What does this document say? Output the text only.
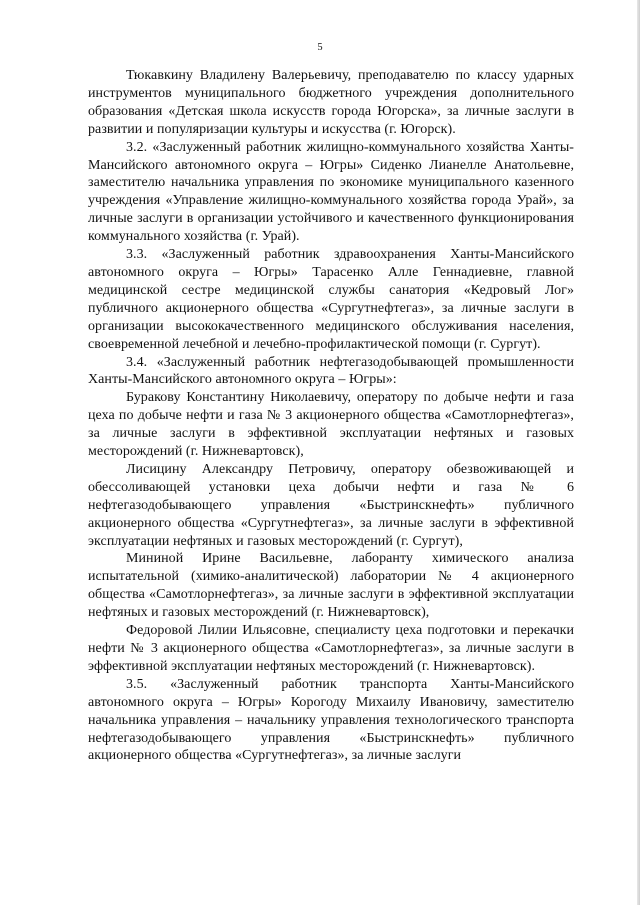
5

Тюкавкину Владилену Валерьевичу, преподавателю по классу ударных инструментов муниципального бюджетного учреждения дополнительного образования «Детская школа искусств города Югорска», за личные заслуги в развитии и популяризации культуры и искусства (г. Югорск).

3.2. «Заслуженный работник жилищно-коммунального хозяйства Ханты-Мансийского автономного округа – Югры» Сиденко Лианелле Анатольевне, заместителю начальника управления по экономике муниципального казенного учреждения «Управление жилищно-коммунального хозяйства города Урай», за личные заслуги в организации устойчивого и качественного функционирования коммунального хозяйства (г. Урай).

3.3. «Заслуженный работник здравоохранения Ханты-Мансийского автономного округа – Югры» Тарасенко Алле Геннадиевне, главной медицинской сестре медицинской службы санатория «Кедровый Лог» публичного акционерного общества «Сургутнефтегаз», за личные заслуги в организации высококачественного медицинского обслуживания населения, своевременной лечебной и лечебно-профилактической помощи (г. Сургут).

3.4. «Заслуженный работник нефтегазодобывающей промышленности Ханты-Мансийского автономного округа – Югры»:

Буракову Константину Николаевичу, оператору по добыче нефти и газа цеха по добыче нефти и газа № 3 акционерного общества «Самотлорнефтегаз», за личные заслуги в эффективной эксплуатации нефтяных и газовых месторождений (г. Нижневартовск),

Лисицину Александру Петровичу, оператору обезвоживающей и обессоливающей установки цеха добычи нефти и газа № 6 нефтегазодобывающего управления «Быстринскнефть» публичного акционерного общества «Сургутнефтегаз», за личные заслуги в эффективной эксплуатации нефтяных и газовых месторождений (г. Сургут),

Мининой Ирине Васильевне, лаборанту химического анализа испытательной (химико-аналитической) лаборатории № 4 акционерного общества «Самотлорнефтегаз», за личные заслуги в эффективной эксплуатации нефтяных и газовых месторождений (г. Нижневартовск),

Федоровой Лилии Ильясовне, специалисту цеха подготовки и перекачки нефти № 3 акционерного общества «Самотлорнефтегаз», за личные заслуги в эффективной эксплуатации нефтяных месторождений (г. Нижневартовск).

3.5. «Заслуженный работник транспорта Ханты-Мансийского автономного округа – Югры» Корогоду Михаилу Ивановичу, заместителю начальника управления – начальнику управления технологического транспорта нефтегазодобывающего управления «Быстринскнефть» публичного акционерного общества «Сургутнефтегаз», за личные заслуги
